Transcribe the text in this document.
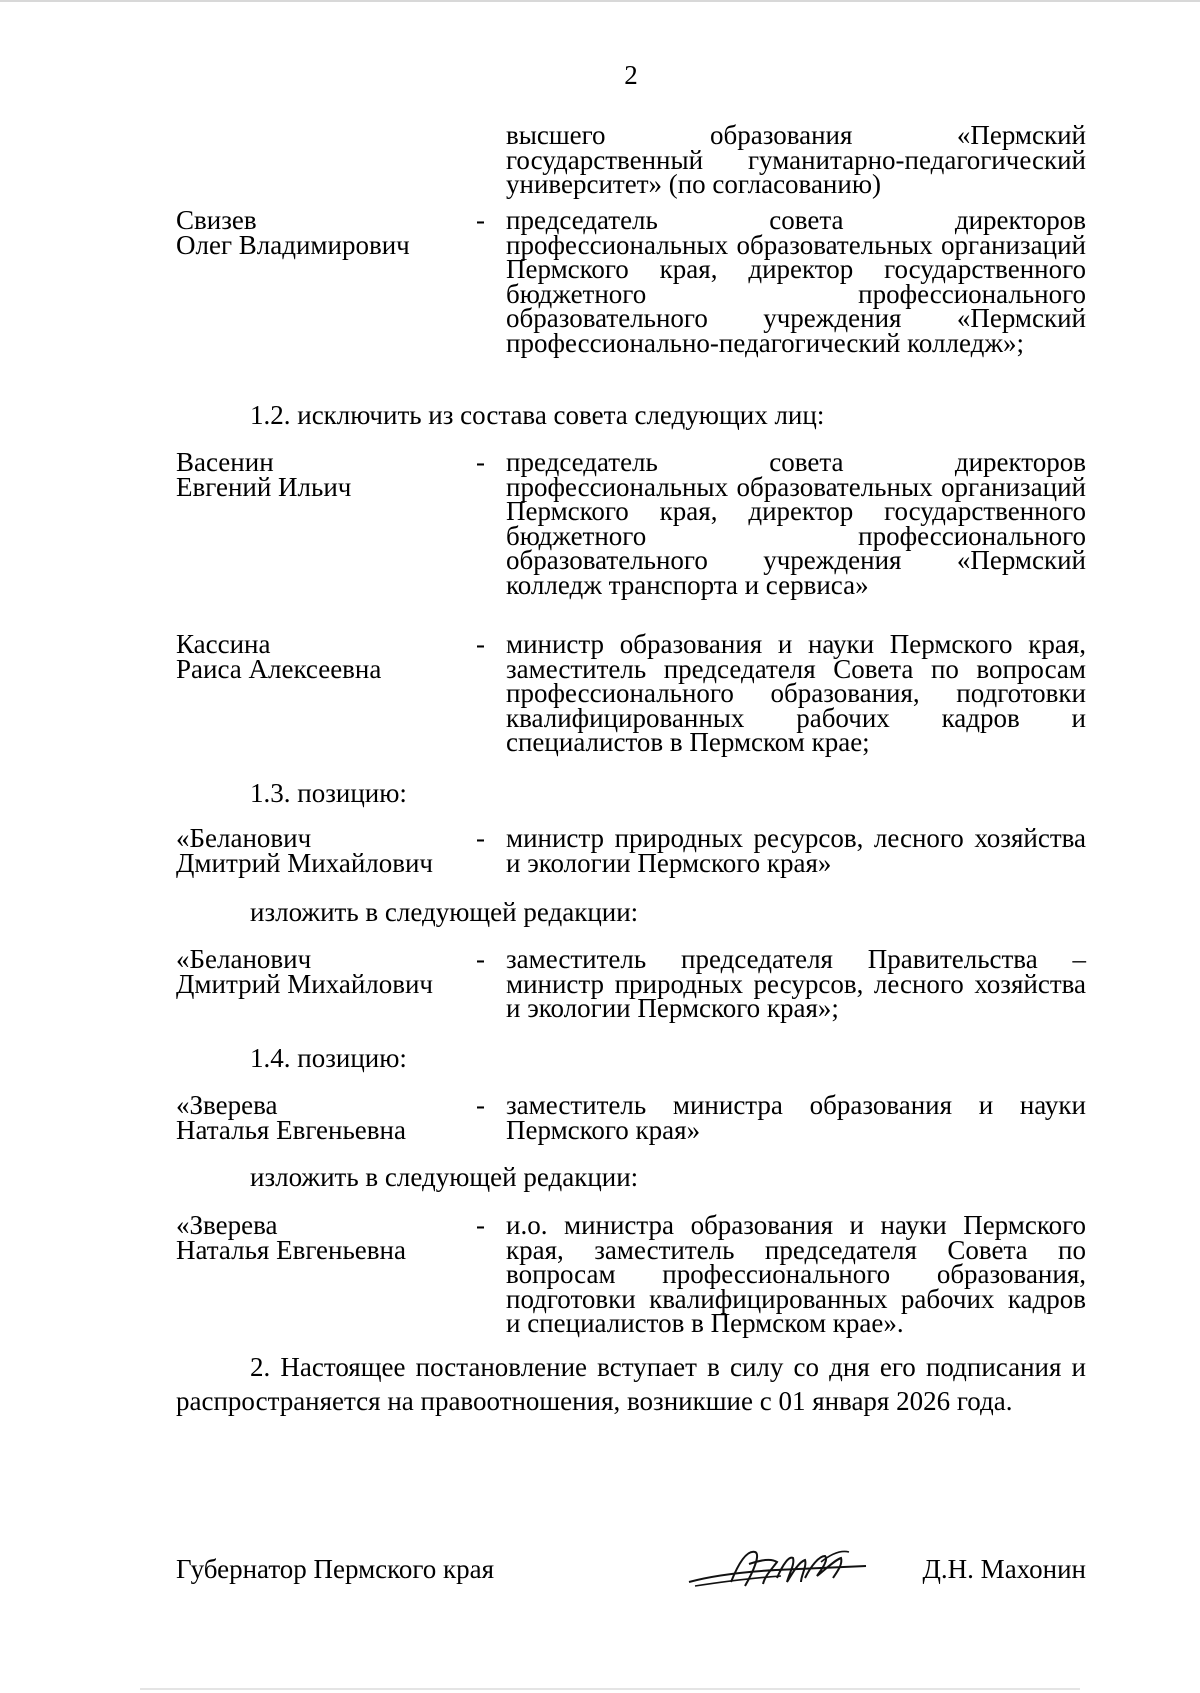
2
высшего образования «Пермский государственный гуманитарно-педагогический университет» (по согласованию)
Свизев
Олег Владимирович
- председатель совета директоров профессиональных образовательных организаций Пермского края, директор государственного бюджетного профессионального образовательного учреждения «Пермский профессионально-педагогический колледж»;
1.2. исключить из состава совета следующих лиц:
Васенин
Евгений Ильич
- председатель совета директоров профессиональных образовательных организаций Пермского края, директор государственного бюджетного профессионального образовательного учреждения «Пермский колледж транспорта и сервиса»
Кассина
Раиса Алексеевна
- министр образования и науки Пермского края, заместитель председателя Совета по вопросам профессионального образования, подготовки квалифицированных рабочих кадров и специалистов в Пермском крае;
1.3. позицию:
«Беланович
Дмитрий Михайлович
- министр природных ресурсов, лесного хозяйства и экологии Пермского края»
изложить в следующей редакции:
«Беланович
Дмитрий Михайлович
- заместитель председателя Правительства – министр природных ресурсов, лесного хозяйства и экологии Пермского края»;
1.4. позицию:
«Зверева
Наталья Евгеньевна
- заместитель министра образования и науки Пермского края»
изложить в следующей редакции:
«Зверева
Наталья Евгеньевна
- и.о. министра образования и науки Пермского края, заместитель председателя Совета по вопросам профессионального образования, подготовки квалифицированных рабочих кадров и специалистов в Пермском крае».
2. Настоящее постановление вступает в силу со дня его подписания и распространяется на правоотношения, возникшие с 01 января 2026 года.
Губернатор Пермского края	Д.Н. Махонин
